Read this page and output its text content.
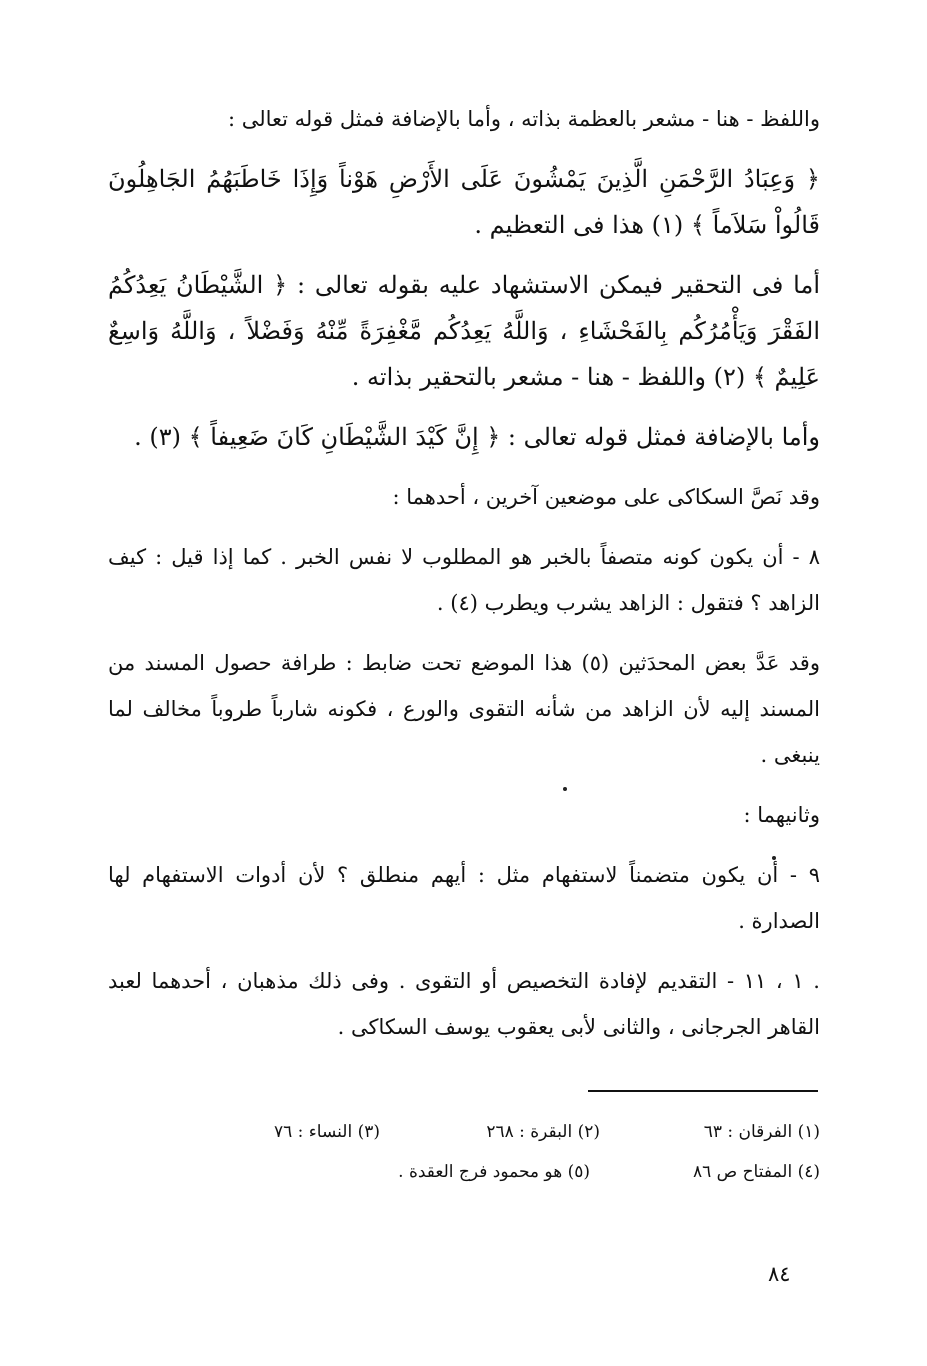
واللفظ - هنا - مشعر بالعظمة بذاته ، وأما بالإضافة فمثل قوله تعالى :

﴿ وَعِبَادُ الرَّحْمَنِ الَّذِينَ يَمْشُونَ عَلَى الأَرْضِ هَوْناً وَإِذَا خَاطَبَهُمُ الجَاهِلُونَ قَالُواْ سَلاَماً ﴾ (١) هذا فى التعظيم .

أما فى التحقير فيمكن الاستشهاد عليه بقوله تعالى : ﴿ الشَّيْطَانُ يَعِدُكُمُ الفَقْرَ وَيَأْمُرُكُم بِالفَحْشَاءِ ، وَاللَّهُ يَعِدُكُم مَّغْفِرَةً مِّنْهُ وَفَضْلاً ، وَاللَّهُ وَاسِعٌ عَلِيمٌ ﴾ (٢) واللفظ - هنا - مشعر بالتحقير بذاته .

وأما بالإضافة فمثل قوله تعالى : ﴿ إِنَّ كَيْدَ الشَّيْطَانِ كَانَ ضَعِيفاً ﴾ (٣) .

وقد نَصَّ السكاكى على موضعين آخرين ، أحدهما :

٨ - أن يكون كونه متصفاً بالخبر هو المطلوب لا نفس الخبر . كما إذا قيل : كيف الزاهد ؟ فتقول : الزاهد يشرب ويطرب (٤) .

وقد عَدَّ بعض المحدَثين (٥) هذا الموضع تحت ضابط : طرافة حصول المسند من المسند إليه لأن الزاهد من شأنه التقوى والورع ، فكونه شارباً طروباً مخالف لما ينبغى .

وثانيهما :

٩ - أن يكون متضمناً لاستفهام مثل : أيهم منطلق ؟ لأن أدوات الاستفهام لها الصدارة .

. ١ ، ١١ - التقديم لإفادة التخصيص أو التقوى . وفى ذلك مذهبان ، أحدهما لعبد القاهر الجرجانى ، والثانى لأبى يعقوب يوسف السكاكى .

(١) الفرقان : ٦٣
(٢) البقرة : ٢٦٨
(٣) النساء : ٧٦
(٤) المفتاح ص ٨٦
(٥) هو محمود فرج العقدة .
٨٤
